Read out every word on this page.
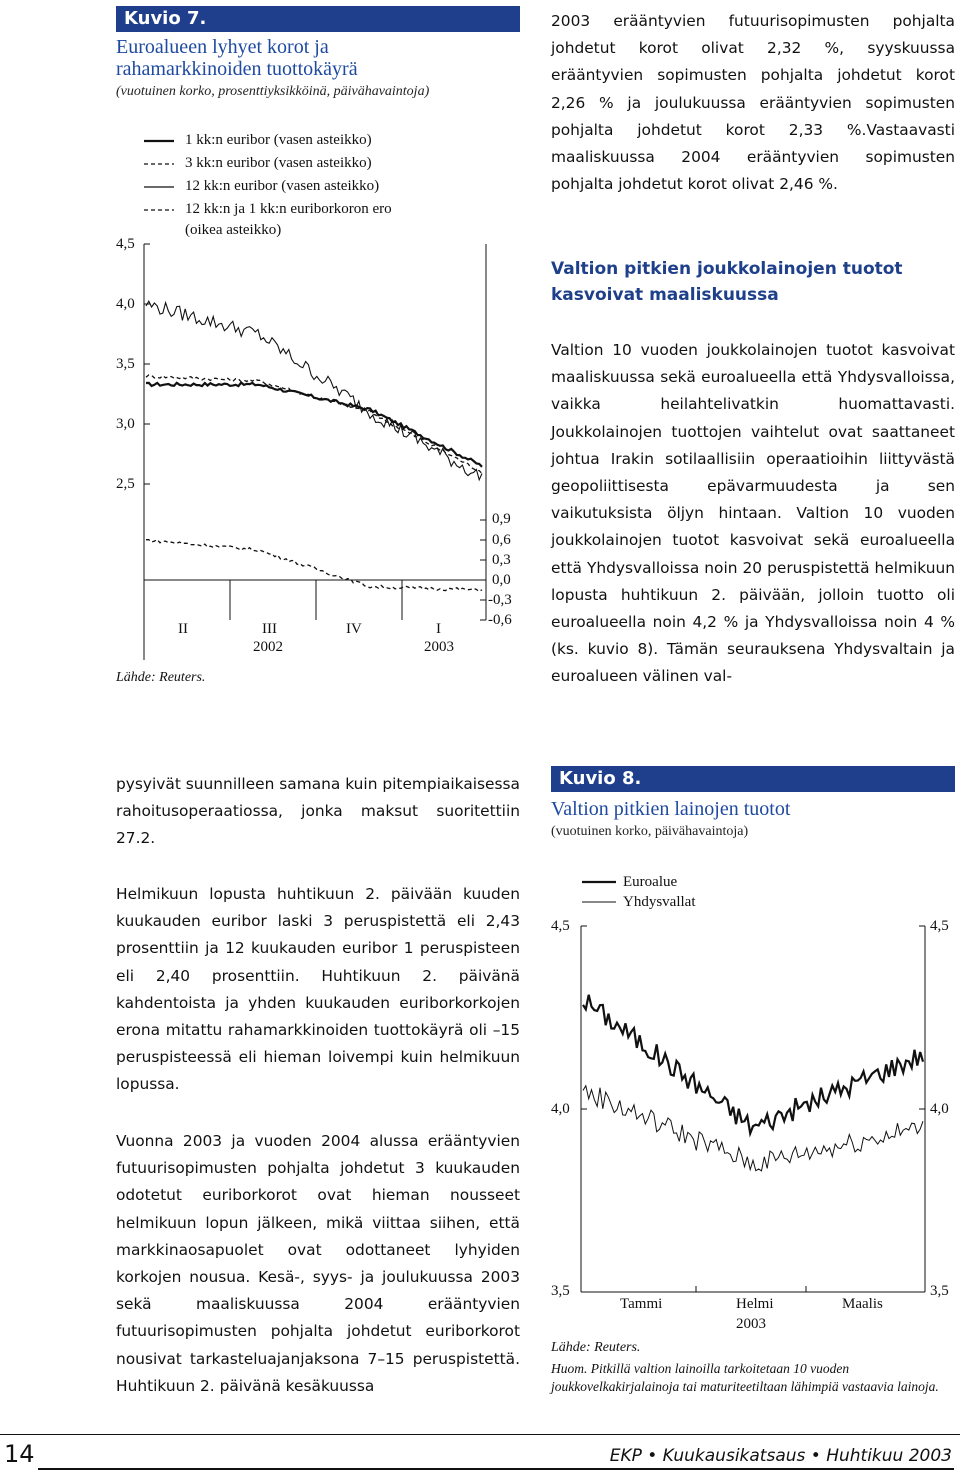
Kuvio 7.
Euroalueen lyhyet korot ja
rahamarkkinoiden tuottokäyrä
(vuotuinen korko, prosenttiyksikköinä, päivähavaintoja)
1 kk:n euribor (vasen asteikko)
3 kk:n euribor (vasen asteikko)
12 kk:n euribor (vasen asteikko)
12 kk:n ja 1 kk:n euriborkoron ero
(oikea asteikko)
4,5
4,0
3,5
3,0
2,5
0,9
0,6
0,3
0,0
-0,3
-0,6
II	III	IV	I
2002	2003
Lähde: Reuters.
2003 erääntyvien futuurisopimusten pohjalta johdetut korot olivat 2,32 %, syyskuussa erääntyvien sopimusten pohjalta johdetut korot 2,26 % ja joulukuussa erääntyvien sopimusten pohjalta johdetut korot 2,33 %.Vastaavasti maaliskuussa 2004 erääntyvien sopimusten pohjalta johdetut korot olivat 2,46 %.
Valtion pitkien joukkolainojen tuotot
kasvoivat maaliskuussa
Valtion 10 vuoden joukkolainojen tuotot kasvoivat maaliskuussa sekä euroalueella että Yhdysvalloissa, vaikka heilahtelivatkin huomattavasti. Joukkolainojen tuottojen vaihtelut ovat saattaneet johtua Irakin sotilaallisiin operaatioihin liittyvästä geopoliittisesta epävarmuudesta ja sen vaikutuksista öljyn hintaan. Valtion 10 vuoden joukkolainojen tuotot kasvoivat sekä euroalueella että Yhdysvalloissa noin 20 peruspistettä helmikuun lopusta huhtikuun 2. päivään, jolloin tuotto oli euroalueella noin 4,2 % ja Yhdysvalloissa noin 4 % (ks. kuvio 8). Tämän seurauksena Yhdysvaltain ja euroalueen välinen val-
pysyivät suunnilleen samana kuin pitempiaikaisessa rahoitusoperaatiossa, jonka maksut suoritettiin 27.2.
Helmikuun lopusta huhtikuun 2. päivään kuuden kuukauden euribor laski 3 peruspistettä eli 2,43 prosenttiin ja 12 kuukauden euribor 1 peruspisteen eli 2,40 prosenttiin. Huhtikuun 2. päivänä kahdentoista ja yhden kuukauden euriborkorkojen erona mitattu rahamarkkinoiden tuottokäyrä oli –15 peruspisteessä eli hieman loivempi kuin helmikuun lopussa.
Vuonna 2003 ja vuoden 2004 alussa erääntyvien futuurisopimusten pohjalta johdetut 3 kuukauden odotetut euriborkorot ovat hieman nousseet helmikuun lopun jälkeen, mikä viittaa siihen, että markkinaosapuolet ovat odottaneet lyhyiden korkojen nousua. Kesä-, syys- ja joulukuussa 2003 sekä maaliskuussa 2004 erääntyvien futuurisopimusten pohjalta johdetut euriborkorot nousivat tarkasteluajanjaksona 7–15 peruspistettä. Huhtikuun 2. päivänä kesäkuussa
Kuvio 8.
Valtion pitkien lainojen tuotot
(vuotuinen korko, päivähavaintoja)
Euroalue
Yhdysvallat
4,5
4,0
3,5
4,5
4,0
3,5
Tammi	Helmi	Maalis
2003
Lähde: Reuters.
Huom. Pitkillä valtion lainoilla tarkoitetaan 10 vuoden joukkovelkakirjalainoja tai maturiteetiltaan lähimpiä vastaavia lainoja.
14	EKP • Kuukausikatsaus • Huhtikuu 2003
